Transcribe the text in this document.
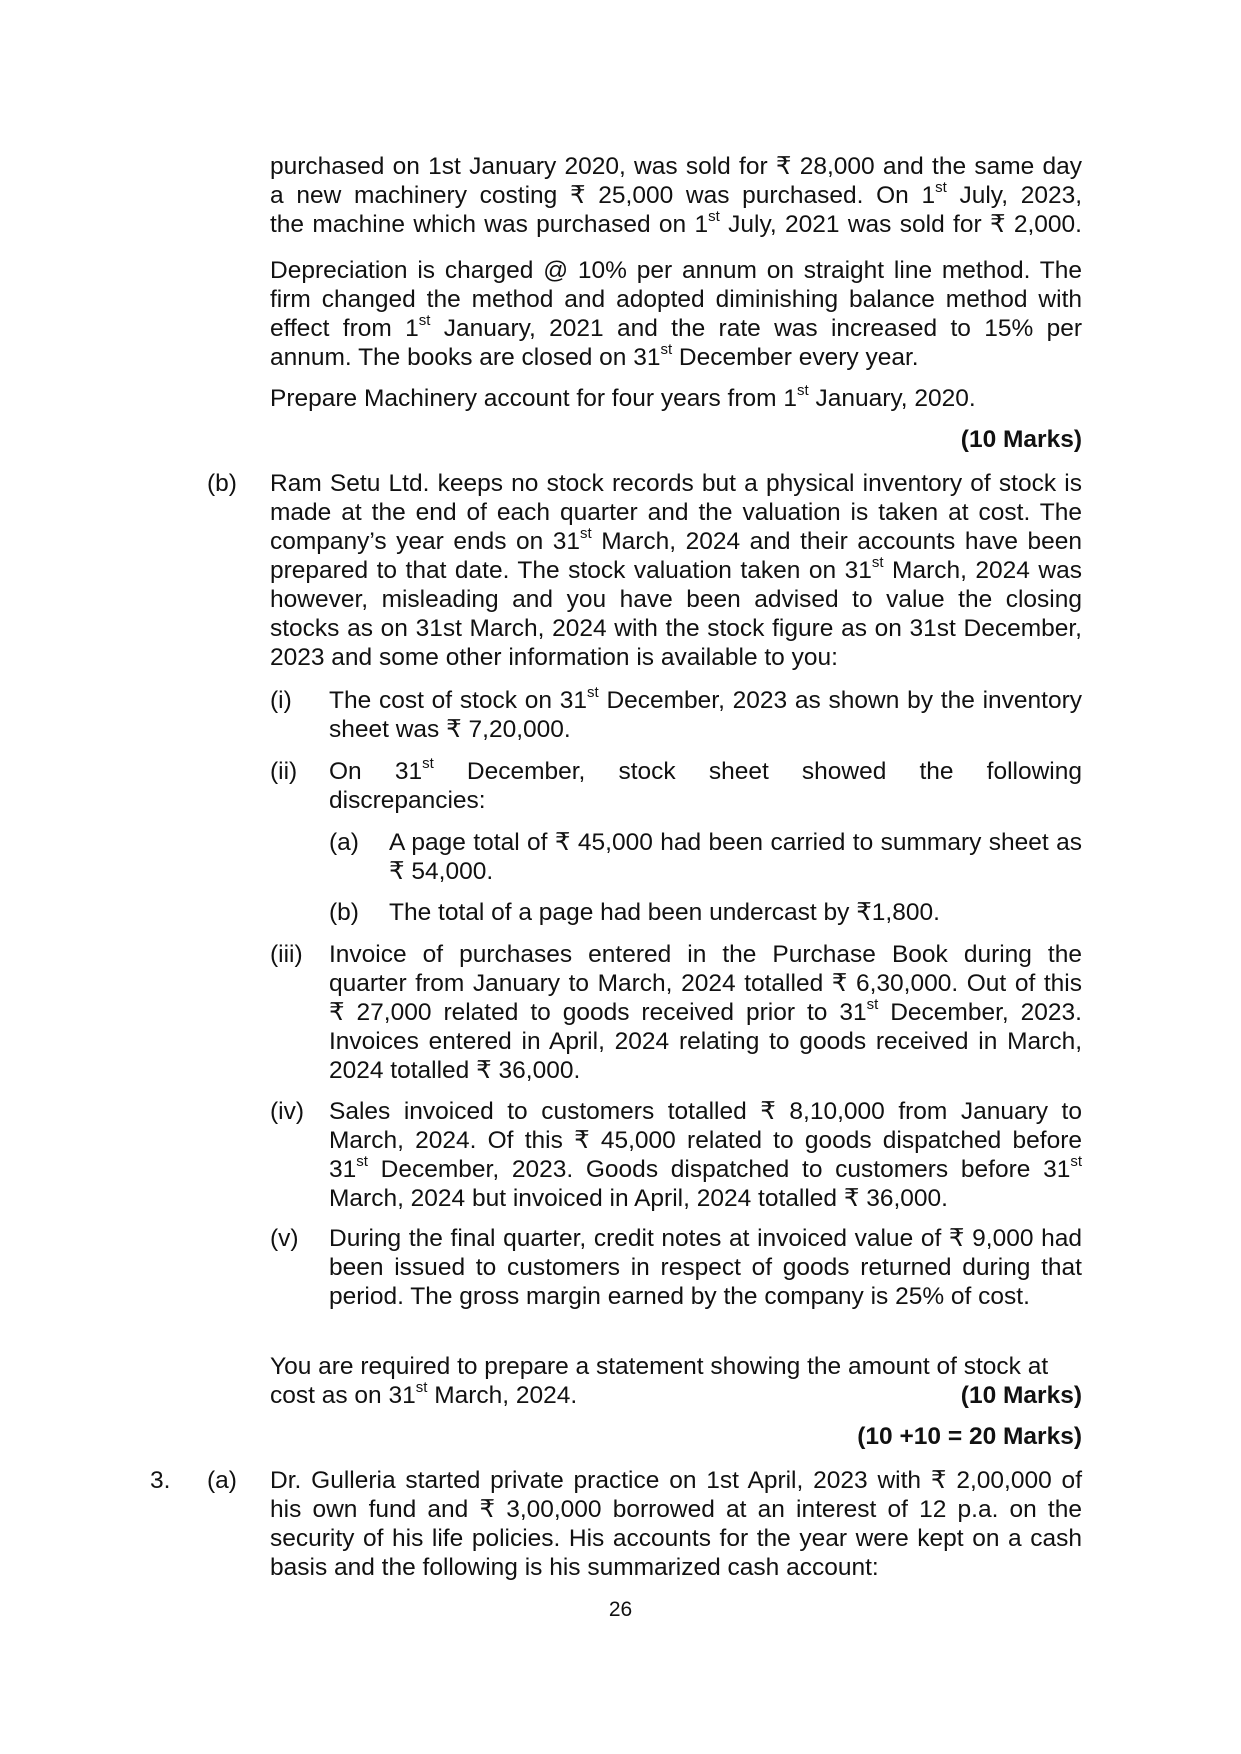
purchased on 1st January 2020, was sold for ₹ 28,000 and the same day
a new machinery costing ₹ 25,000 was purchased. On 1st July, 2023,
the machine which was purchased on 1st July, 2021 was sold for ₹ 2,000.

Depreciation is charged @ 10% per annum on straight line method. The firm changed the method and adopted diminishing balance method with effect from 1st January, 2021 and the rate was increased to 15% per annum. The books are closed on 31st December every year.

Prepare Machinery account for four years from 1st January, 2020.

(10 Marks)
(b) Ram Setu Ltd. keeps no stock records but a physical inventory of stock is made at the end of each quarter and the valuation is taken at cost. The company’s year ends on 31st March, 2024 and their accounts have been prepared to that date. The stock valuation taken on 31st March, 2024 was however, misleading and you have been advised to value the closing stocks as on 31st March, 2024 with the stock figure as on 31st December, 2023 and some other information is available to you:

(i) The cost of stock on 31st December, 2023 as shown by the inventory sheet was ₹ 7,20,000.

(ii) On 31st December, stock sheet showed the following

discrepancies:

(a) A page total of ₹ 45,000 had been carried to summary sheet as ₹ 54,000.

(b) The total of a page had been undercast by ₹1,800.

(iii) Invoice of purchases entered in the Purchase Book during the quarter from January to March, 2024 totalled ₹ 6,30,000. Out of this ₹ 27,000 related to goods received prior to 31st December, 2023. Invoices entered in April, 2024 relating to goods received in March, 2024 totalled ₹ 36,000.

(iv) Sales invoiced to customers totalled ₹ 8,10,000 from January to March, 2024. Of this ₹ 45,000 related to goods dispatched before 31st December, 2023. Goods dispatched to customers before 31st March, 2024 but invoiced in April, 2024 totalled ₹ 36,000.

(v) During the final quarter, credit notes at invoiced value of ₹ 9,000 had been issued to customers in respect of goods returned during that period. The gross margin earned by the company is 25% of cost.

You are required to prepare a statement showing the amount of stock at cost as on 31st March, 2024.	(10 Marks)

(10 +10 = 20 Marks)
3. (a) Dr. Gulleria started private practice on 1st April, 2023 with ₹ 2,00,000 of his own fund and ₹ 3,00,000 borrowed at an interest of 12 p.a. on the security of his life policies. His accounts for the year were kept on a cash basis and the following is his summarized cash account:

26
